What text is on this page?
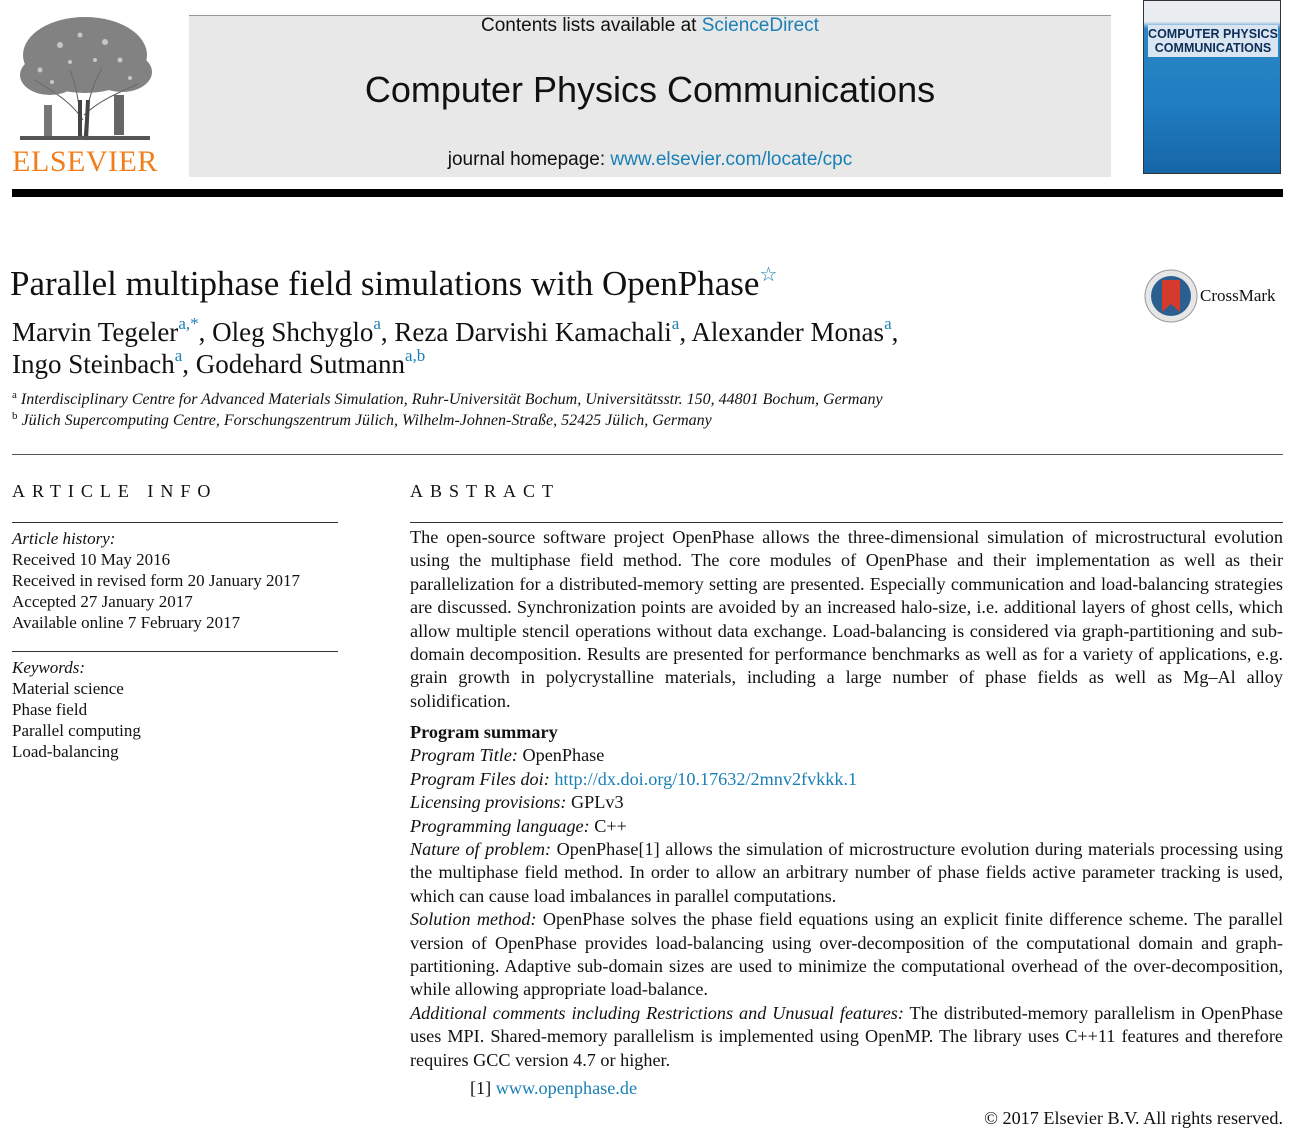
ELSEVIER
Contents lists available at ScienceDirect
Computer Physics Communications
journal homepage: www.elsevier.com/locate/cpc
COMPUTER PHYSICS
COMMUNICATIONS
Parallel multiphase field simulations with OpenPhase☆
CrossMark
Marvin Tegeler$^{a,*}$, Oleg Shchyglo$^a$, Reza Darvishi Kamachali$^a$, Alexander Monas$^a$,
Ingo Steinbach$^a$, Godehard Sutmann$^{a,b}$
$^a$ Interdisciplinary Centre for Advanced Materials Simulation, Ruhr-Universität Bochum, Universitätsstr. 150, 44801 Bochum, Germany
$^b$ Jülich Supercomputing Centre, Forschungszentrum Jülich, Wilhelm-Johnen-Straße, 52425 Jülich, Germany
ARTICLE INFO
Article history:
Received 10 May 2016
Received in revised form 20 January 2017
Accepted 27 January 2017
Available online 7 February 2017
Keywords:
Material science
Phase field
Parallel computing
Load-balancing
ABSTRACT
The open-source software project OpenPhase allows the three-dimensional simulation of microstructural evolution using the multiphase field method. The core modules of OpenPhase and their implementation as well as their parallelization for a distributed-memory setting are presented. Especially communication and load-balancing strategies are discussed. Synchronization points are avoided by an increased halo-size, i.e. additional layers of ghost cells, which allow multiple stencil operations without data exchange. Load-balancing is considered via graph-partitioning and sub-domain decomposition. Results are presented for performance benchmarks as well as for a variety of applications, e.g. grain growth in polycrystalline materials, including a large number of phase fields as well as Mg–Al alloy solidification.

Program summary

Program Title: OpenPhase

Program Files doi: http://dx.doi.org/10.17632/2mnv2fvkkk.1

Licensing provisions: GPLv3

Programming language: C++

Nature of problem: OpenPhase[1] allows the simulation of microstructure evolution during materials processing using the multiphase field method. In order to allow an arbitrary number of phase fields active parameter tracking is used, which can cause load imbalances in parallel computations.

Solution method: OpenPhase solves the phase field equations using an explicit finite difference scheme. The parallel version of OpenPhase provides load-balancing using over-decomposition of the computational domain and graph-partitioning. Adaptive sub-domain sizes are used to minimize the computational overhead of the over-decomposition, while allowing appropriate load-balance.

Additional comments including Restrictions and Unusual features: The distributed-memory parallelism in OpenPhase uses MPI. Shared-memory parallelism is implemented using OpenMP. The library uses C++11 features and therefore requires GCC version 4.7 or higher.

[1] www.openphase.de
© 2017 Elsevier B.V. All rights reserved.
